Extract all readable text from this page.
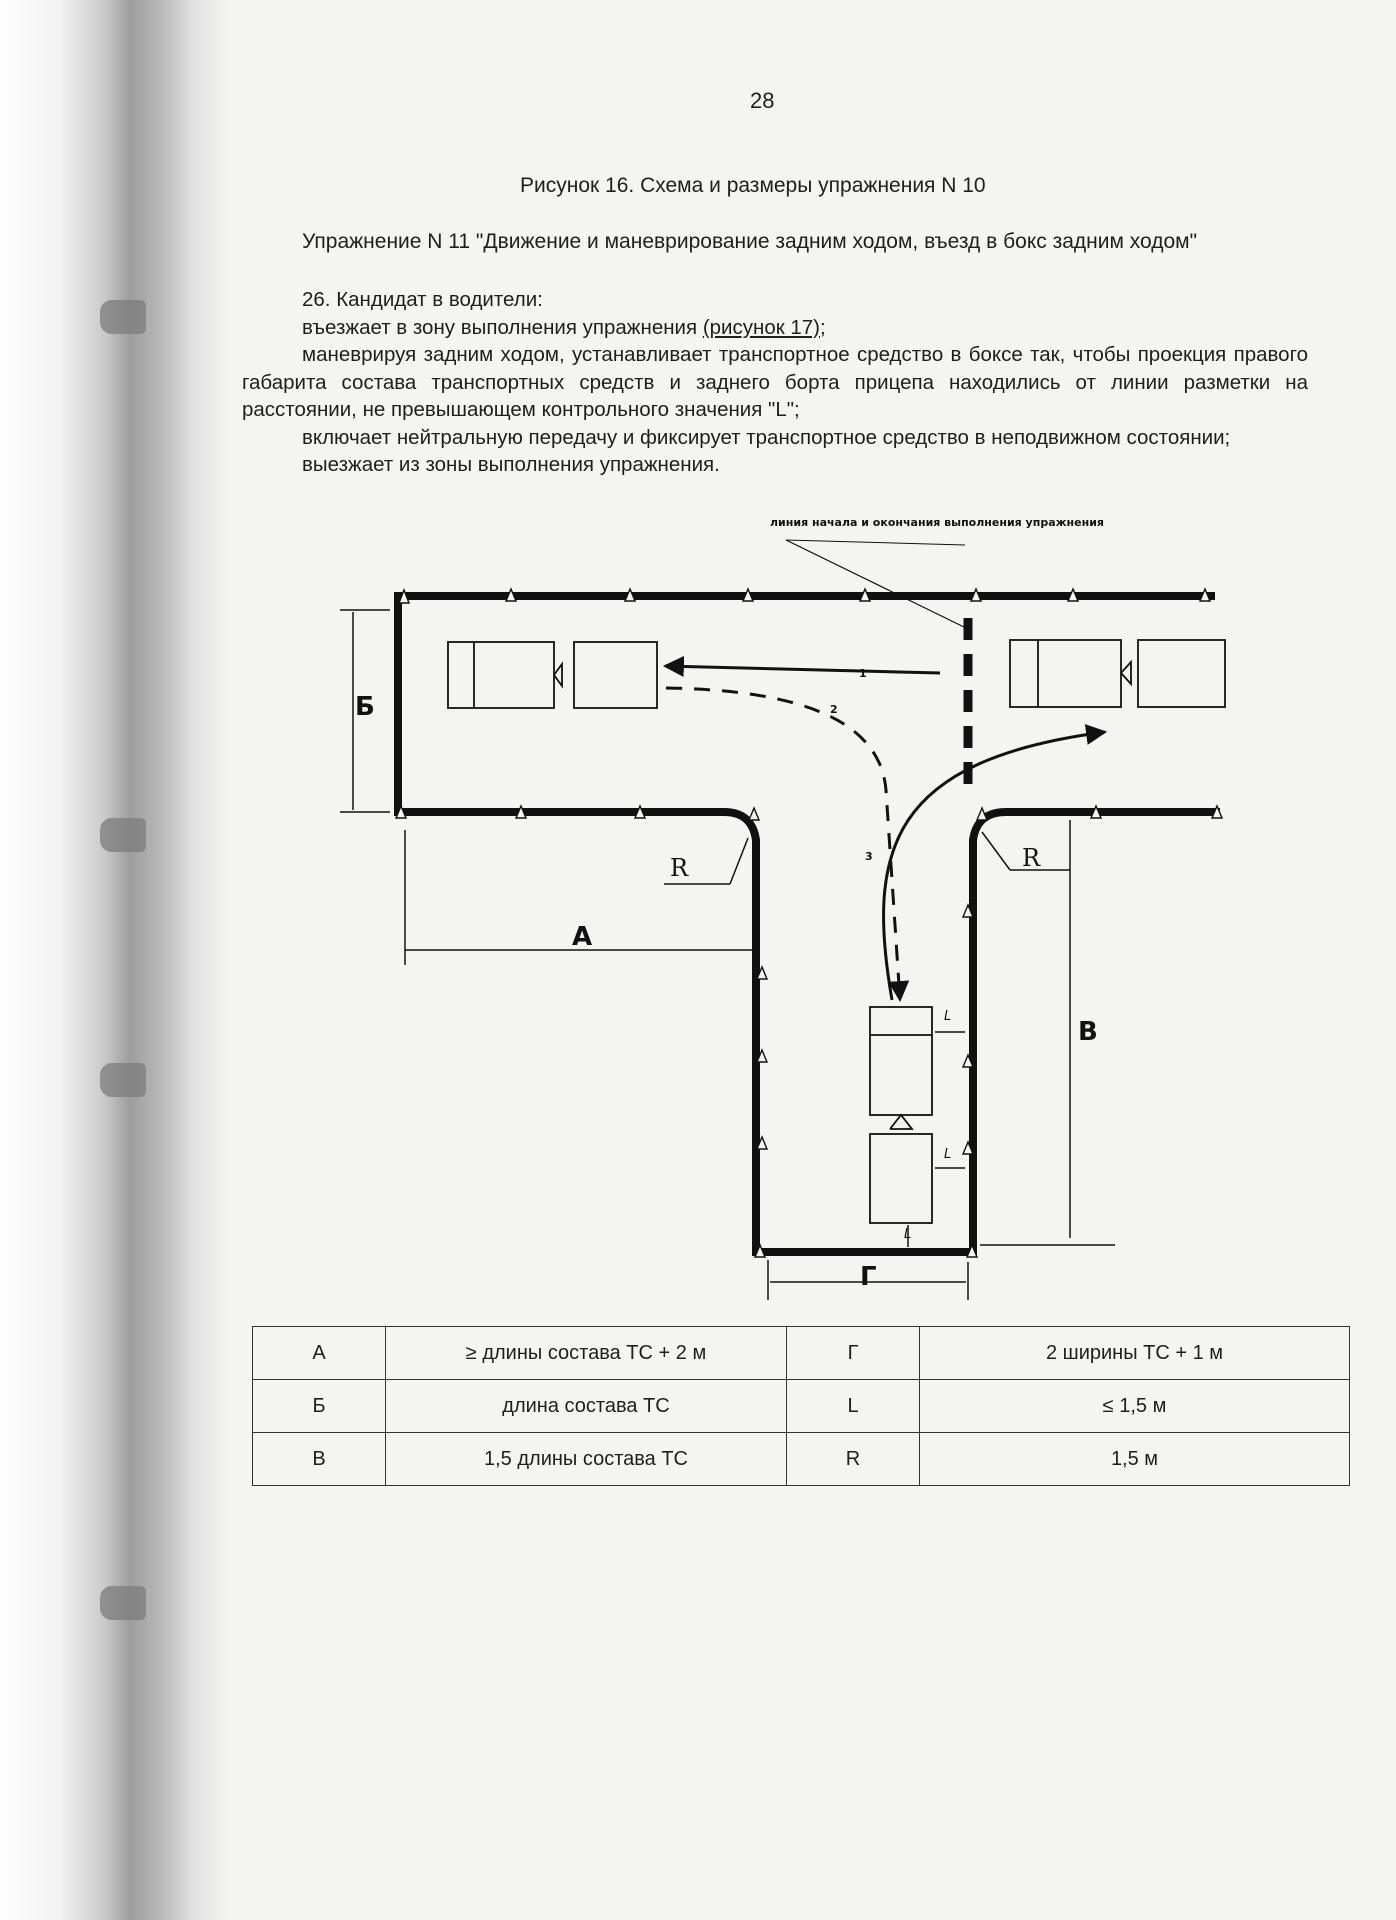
28
Рисунок 16. Схема и размеры упражнения N 10
Упражнение N 11 "Движение и маневрирование задним ходом, въезд в бокс задним ходом"

26. Кандидат в водители:

въезжает в зону выполнения упражнения (рисунок 17);

маневрируя задним ходом, устанавливает транспортное средство в боксе так, чтобы проекция правого габарита состава транспортных средств и заднего борта прицепа находились от линии разметки на расстоянии, не превышающем контрольного значения "L";

включает нейтральную передачу и фиксирует транспортное средство в неподвижном состоянии;

выезжает из зоны выполнения упражнения.

линия начала и окончания выполнения упражнения
1
2
3
Б
А
В
Г
R	R
L
L
L
А	≥ длины состава ТС + 2 м	Г	2 ширины ТС + 1 м
Б	длина состава ТС	L	≤ 1,5 м
В	1,5 длины состава ТС	R	1,5 м
